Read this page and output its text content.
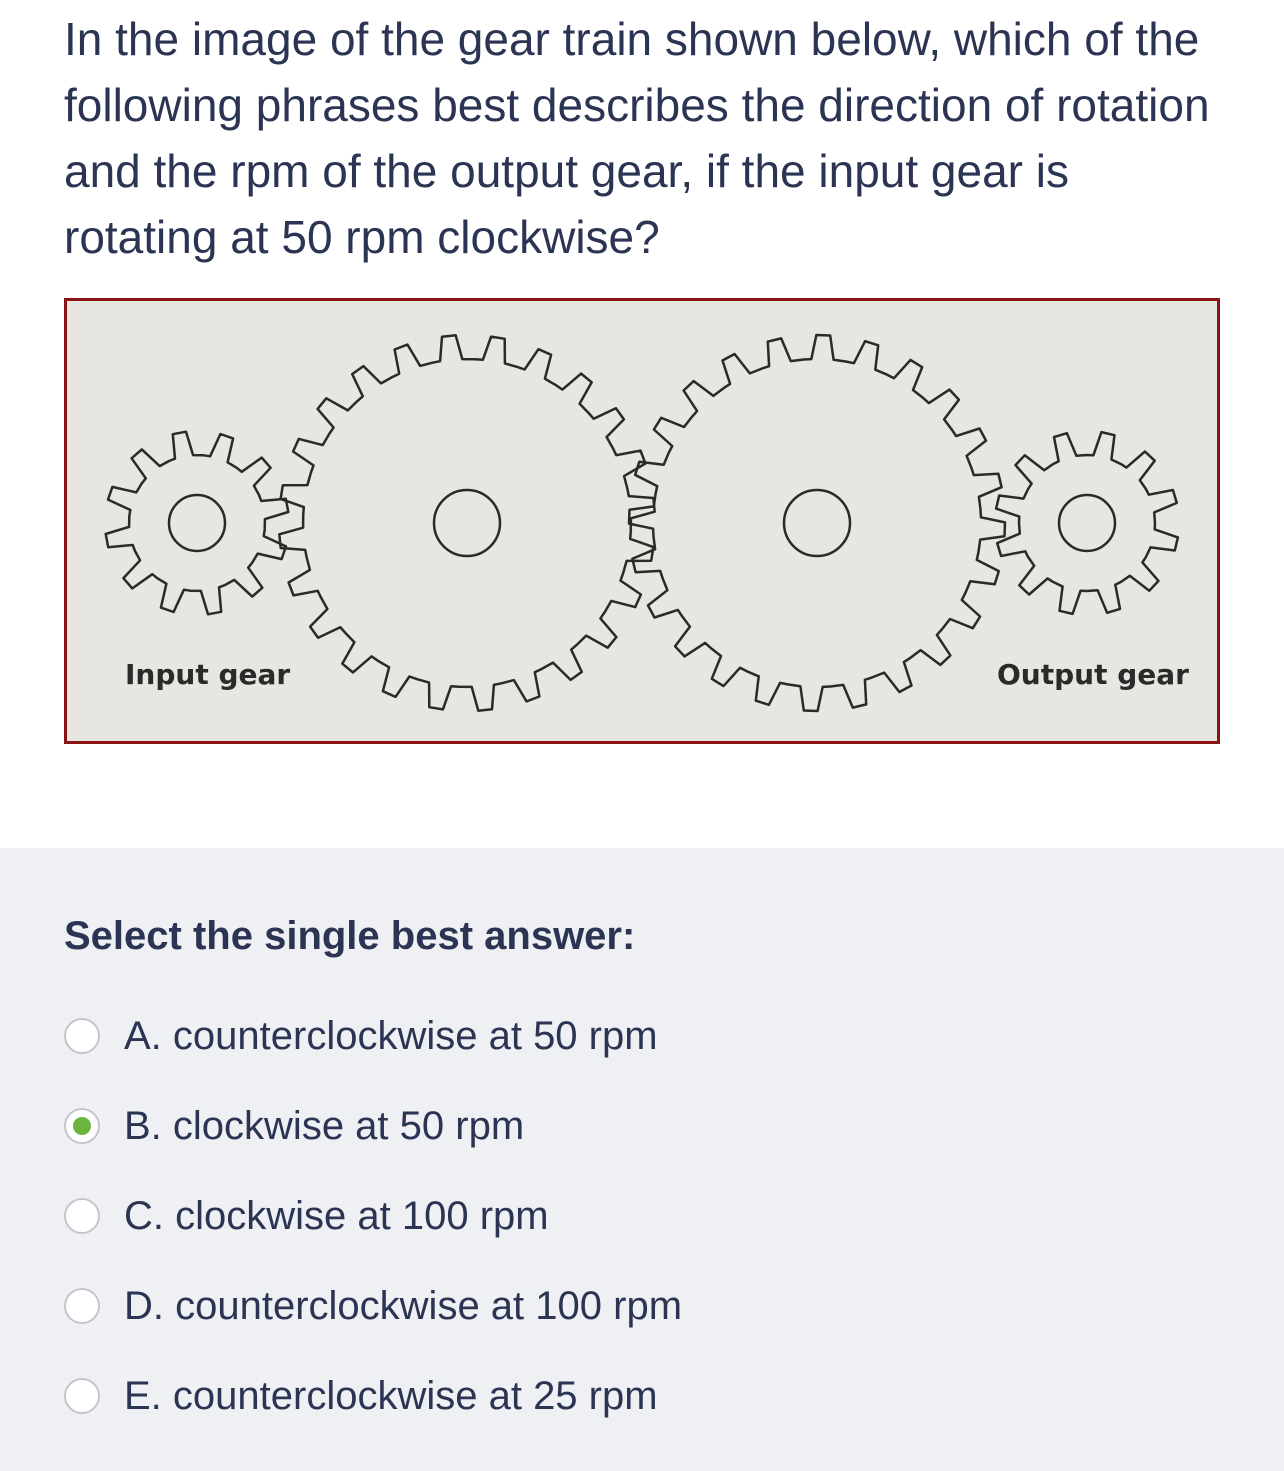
In the image of the gear train shown below, which of the following phrases best describes the direction of rotation and the rpm of the output gear, if the input gear is rotating at 50 rpm clockwise?

Input gear	Output gear

Select the single best answer:

A. counterclockwise at 50 rpm
B. clockwise at 50 rpm
C. clockwise at 100 rpm
D. counterclockwise at 100 rpm
E. counterclockwise at 25 rpm
